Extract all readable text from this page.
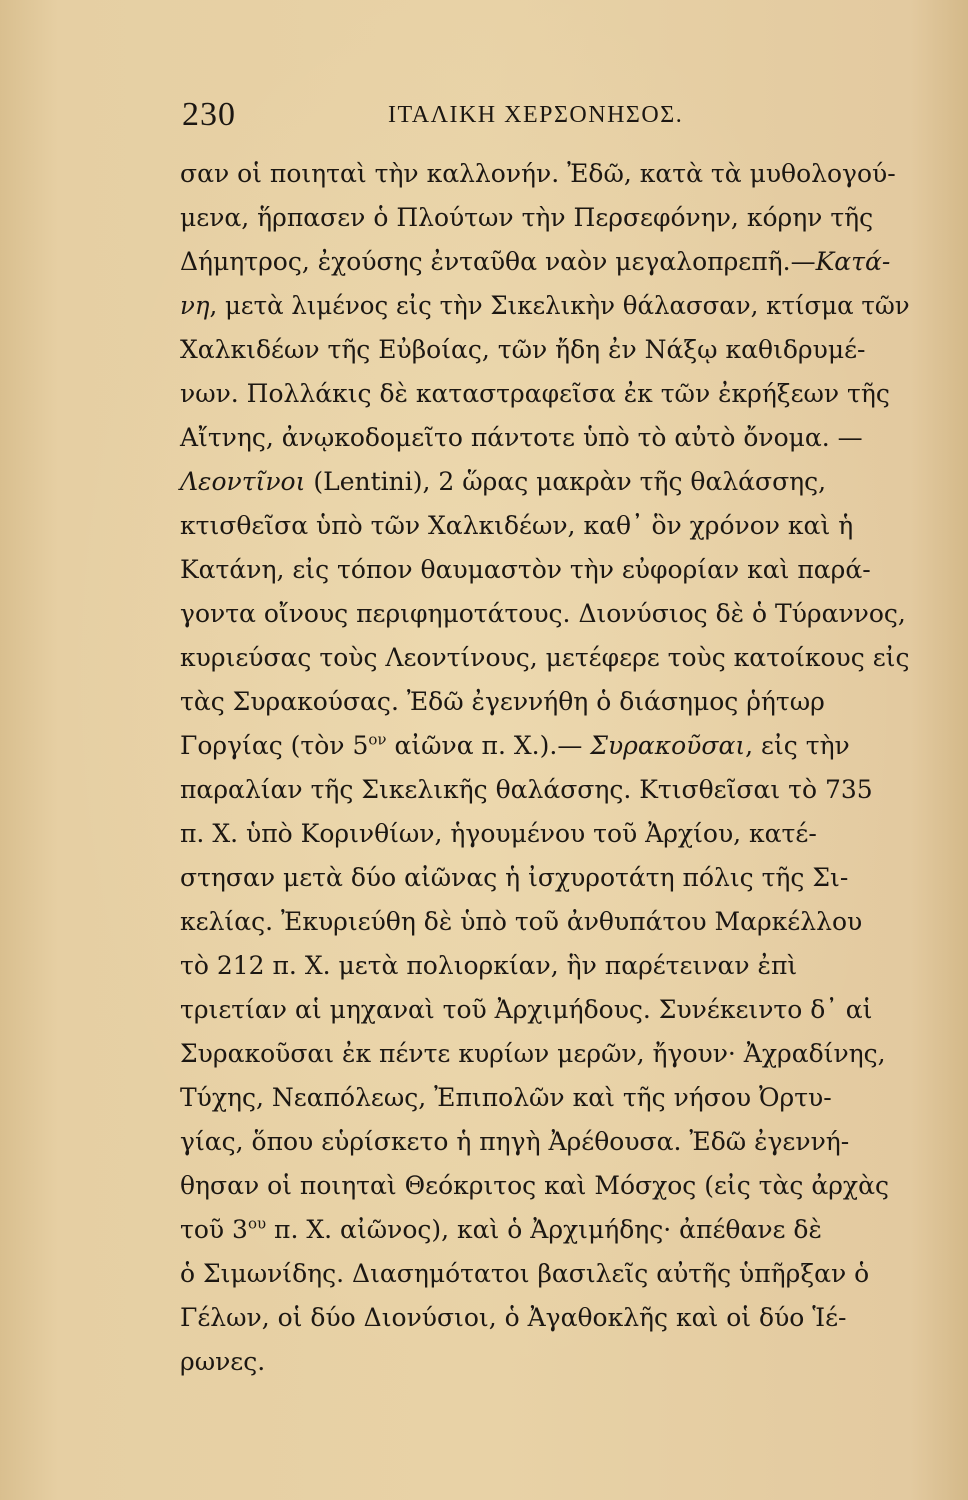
230	ΙΤΑΛΙΚΗ ΧΕΡΣΟΝΗΣΟΣ.
σαν οἱ ποιηταὶ τὴν καλλονήν. Ἐδῶ, κατὰ τὰ μυθολογού-
μενα, ἥρπασεν ὁ Πλούτων τὴν Περσεφόνην, κόρην τῆς
Δήμητρος, ἐχούσης ἐνταῦθα ναὸν μεγαλοπρεπῆ.—Κατά-
νη, μετὰ λιμένος εἰς τὴν Σικελικὴν θάλασσαν, κτίσμα τῶν
Χαλκιδέων τῆς Εὐβοίας, τῶν ἤδη ἐν Νάξῳ καθιδρυμέ-
νων. Πολλάκις δὲ καταστραφεῖσα ἐκ τῶν ἐκρήξεων τῆς
Αἴτνης, ἀνῳκοδομεῖτο πάντοτε ὑπὸ τὸ αὐτὸ ὄνομα. —
Λεοντῖνοι (Lentini), 2 ὥρας μακρὰν τῆς θαλάσσης,
κτισθεῖσα ὑπὸ τῶν Χαλκιδέων, καθ᾽ ὃν χρόνον καὶ ἡ
Κατάνη, εἰς τόπον θαυμαστὸν τὴν εὐφορίαν καὶ παρά-
γοντα οἴνους περιφημοτάτους. Διονύσιος δὲ ὁ Τύραννος,
κυριεύσας τοὺς Λεοντίνους, μετέφερε τοὺς κατοίκους εἰς
τὰς Συρακούσας. Ἐδῶ ἐγεννήθη ὁ διάσημος ῥήτωρ
Γοργίας (τὸν $5^{o\nu}$ αἰῶνα π. Χ.).— Συρακοῦσαι, εἰς τὴν
παραλίαν τῆς Σικελικῆς θαλάσσης. Κτισθεῖσαι τὸ 735
π. Χ. ὑπὸ Κορινθίων, ἡγουμένου τοῦ Ἀρχίου, κατέ-
στησαν μετὰ δύο αἰῶνας ἡ ἰσχυροτάτη πόλις τῆς Σι-
κελίας. Ἐκυριεύθη δὲ ὑπὸ τοῦ ἀνθυπάτου Μαρκέλλου
τὸ 212 π. Χ. μετὰ πολιορκίαν, ἣν παρέτειναν ἐπὶ
τριετίαν αἱ μηχαναὶ τοῦ Ἀρχιμήδους. Συνέκειντο δ᾽ αἱ
Συρακοῦσαι ἐκ πέντε κυρίων μερῶν, ἤγουν· Ἀχραδίνης,
Τύχης, Νεαπόλεως, Ἐπιπολῶν καὶ τῆς νήσου Ὀρτυ-
γίας, ὅπου εὑρίσκετο ἡ πηγὴ Ἀρέθουσα. Ἐδῶ ἐγεννή-
θησαν οἱ ποιηταὶ Θεόκριτος καὶ Μόσχος (εἰς τὰς ἀρχὰς
τοῦ $3^{o\upsilon}$ π. Χ. αἰῶνος), καὶ ὁ Ἀρχιμήδης· ἀπέθανε δὲ
ὁ Σιμωνίδης. Διασημότατοι βασιλεῖς αὐτῆς ὑπῆρξαν ὁ
Γέλων, οἱ δύο Διονύσιοι, ὁ Ἀγαθοκλῆς καὶ οἱ δύο Ἱέ-
ρωνες.
